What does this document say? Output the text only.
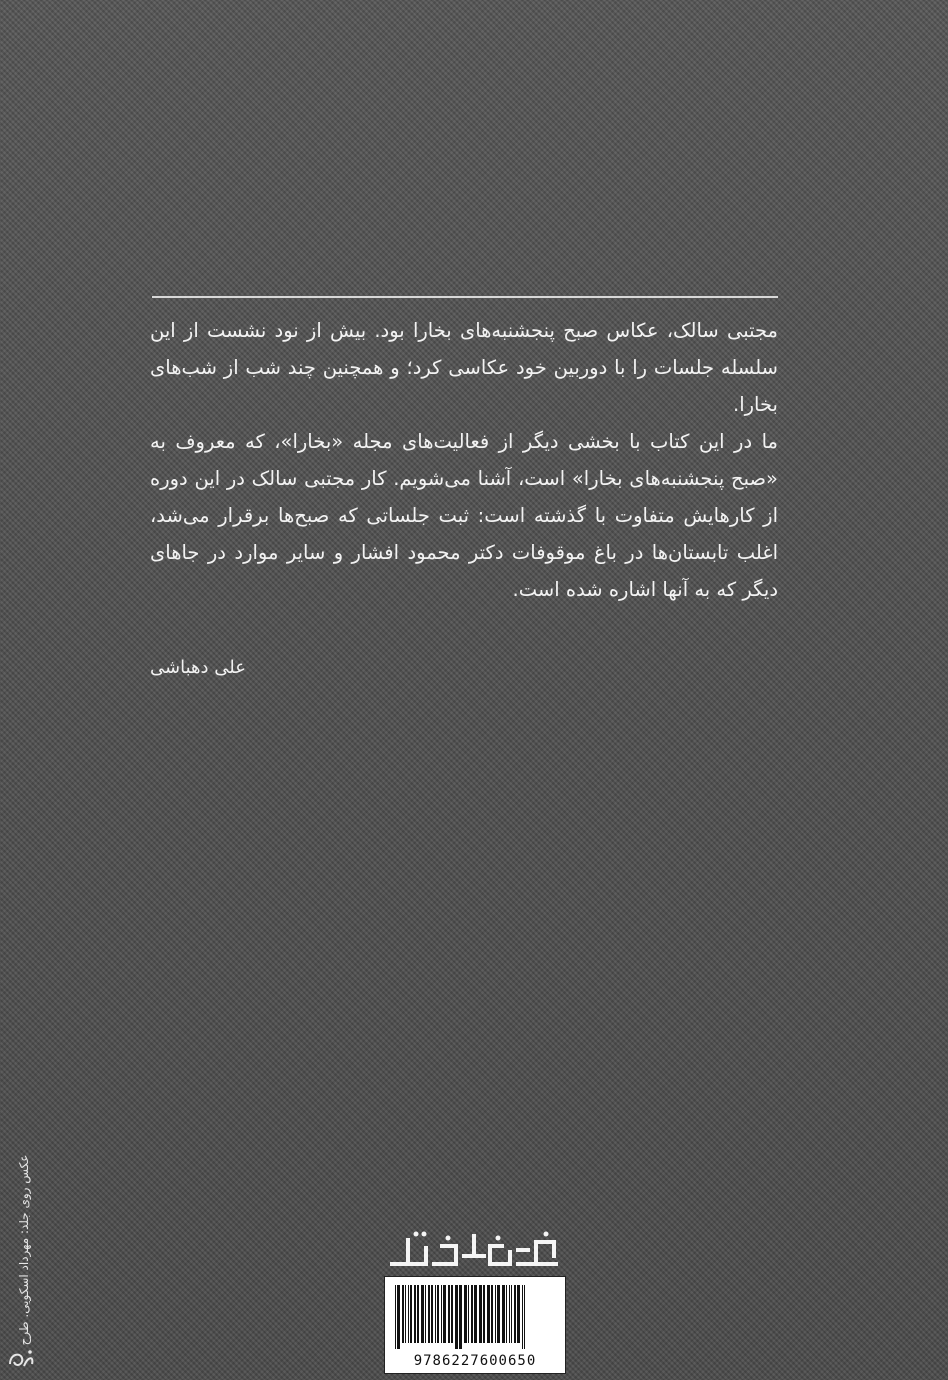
مجتبی سالک، عکاس صبح پنجشنبه‌های بخارا بود. بیش از نود نشست از این سلسله جلسات را با دوربین خود عکاسی کرد؛ و همچنین چند شب از شب‌های بخارا.

ما در این کتاب با بخشی دیگر از فعالیت‌های مجله «بخارا»، که معروف به «صبح پنجشنبه‌های بخارا» است، آشنا می‌شویم. کار مجتبی سالک در این دوره از کارهایش متفاوت با گذشته است: ثبت جلساتی که صبح‌ها برقرار می‌شد، اغلب تابستان‌ها در باغ موقوفات دکتر محمود افشار و سایر موارد در جاهای دیگر که به آنها اشاره شده است.

علی دهباشی
عکس روی جلد: مهرداد اسکویی. طرح
9786227600650
